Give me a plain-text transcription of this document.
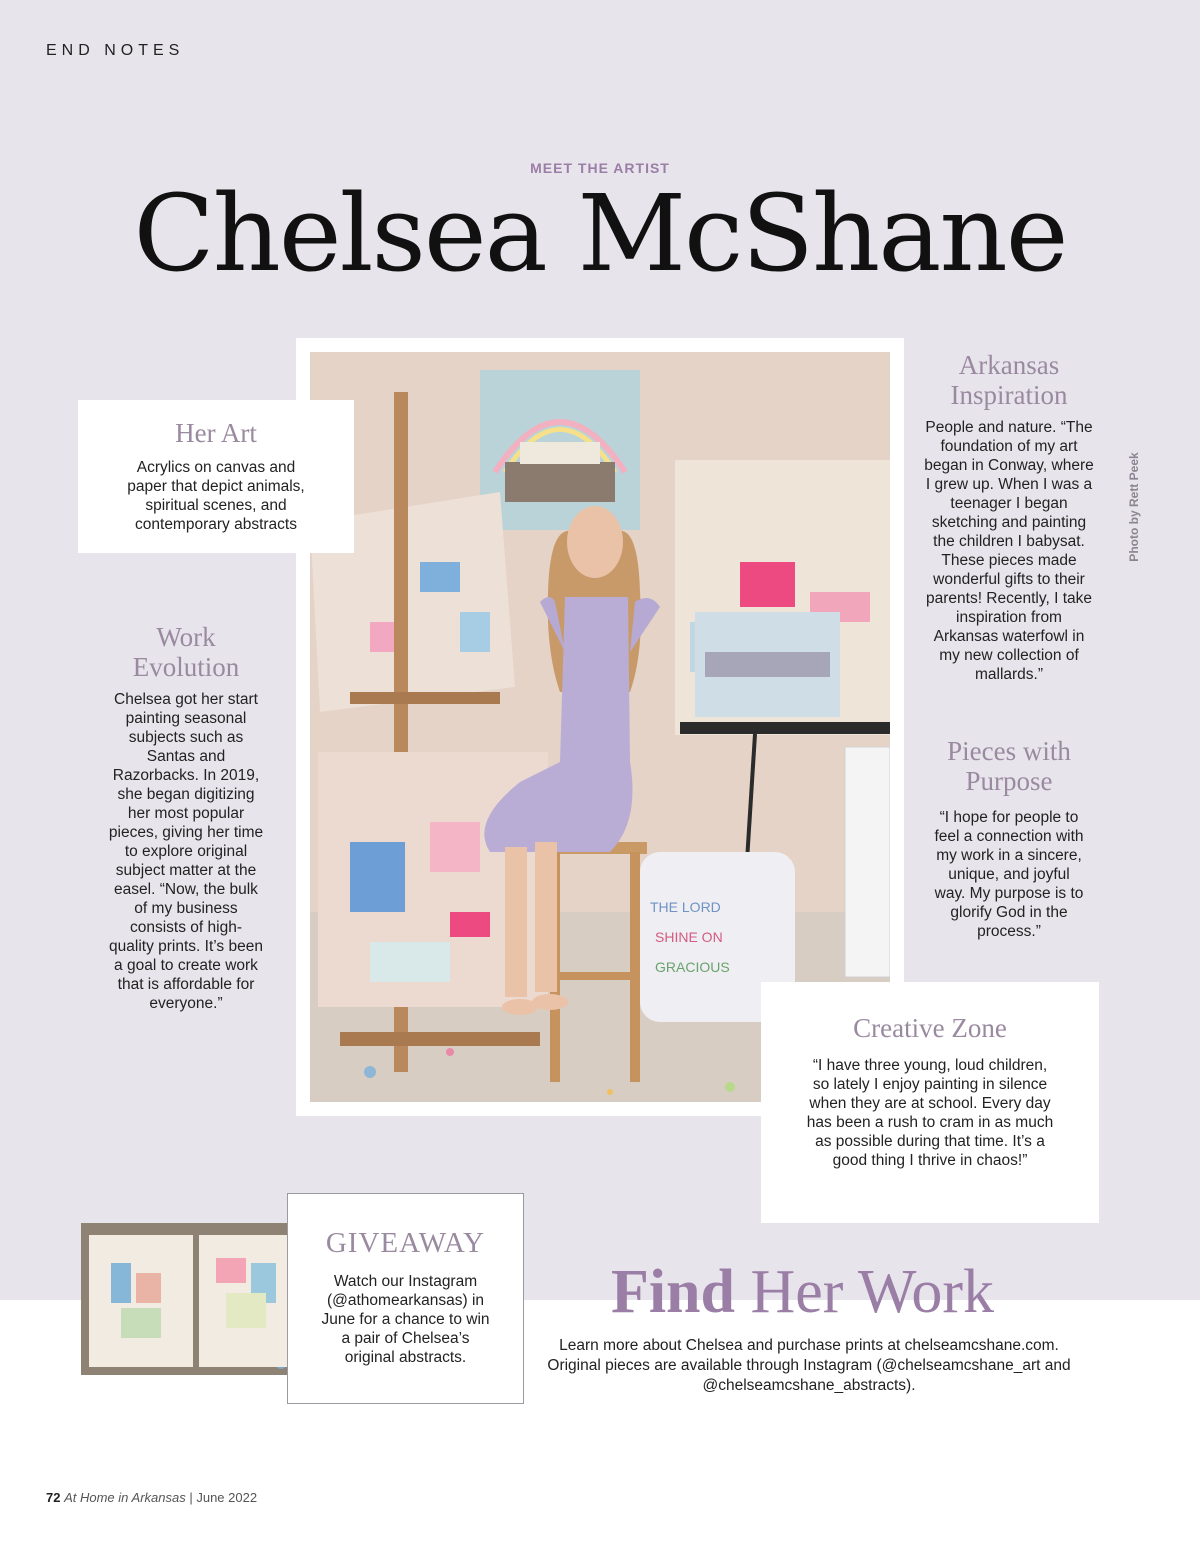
END NOTES
MEET THE ARTIST
Chelsea McShane
THE LORD
SHINE ON
GRACIOUS
Her Art
Acrylics on canvas and paper that depict animals, spiritual scenes, and contemporary abstracts
Work Evolution
Chelsea got her start painting seasonal subjects such as Santas and Razorbacks. In 2019, she began digitizing her most popular pieces, giving her time to explore original subject matter at the easel. “Now, the bulk of my business consists of high-quality prints. It’s been a goal to create work that is affordable for everyone.”
Arkansas Inspiration
People and nature. “The foundation of my art began in Conway, where I grew up. When I was a teenager I began sketching and painting the children I babysat. These pieces made wonderful gifts to their parents! Recently, I take inspiration from Arkansas waterfowl in my new collection of mallards.”
Pieces with Purpose
“I hope for people to feel a connection with my work in a sincere, unique, and joyful way. My purpose is to glorify God in the process.”
Photo by Rett Peek
Creative Zone
“I have three young, loud children, so lately I enjoy painting in silence when they are at school. Every day has been a rush to cram in as much as possible during that time. It’s a good thing I thrive in chaos!”
GIVEAWAY
Watch our Instagram (@athomearkansas) in June for a chance to win a pair of Chelsea’s original abstracts.
Find Her Work
Learn more about Chelsea and purchase prints at chelseamcshane.com. Original pieces are available through Instagram (@chelseamcshane_art and @chelseamcshane_abstracts).
72 At Home in Arkansas | June 2022
